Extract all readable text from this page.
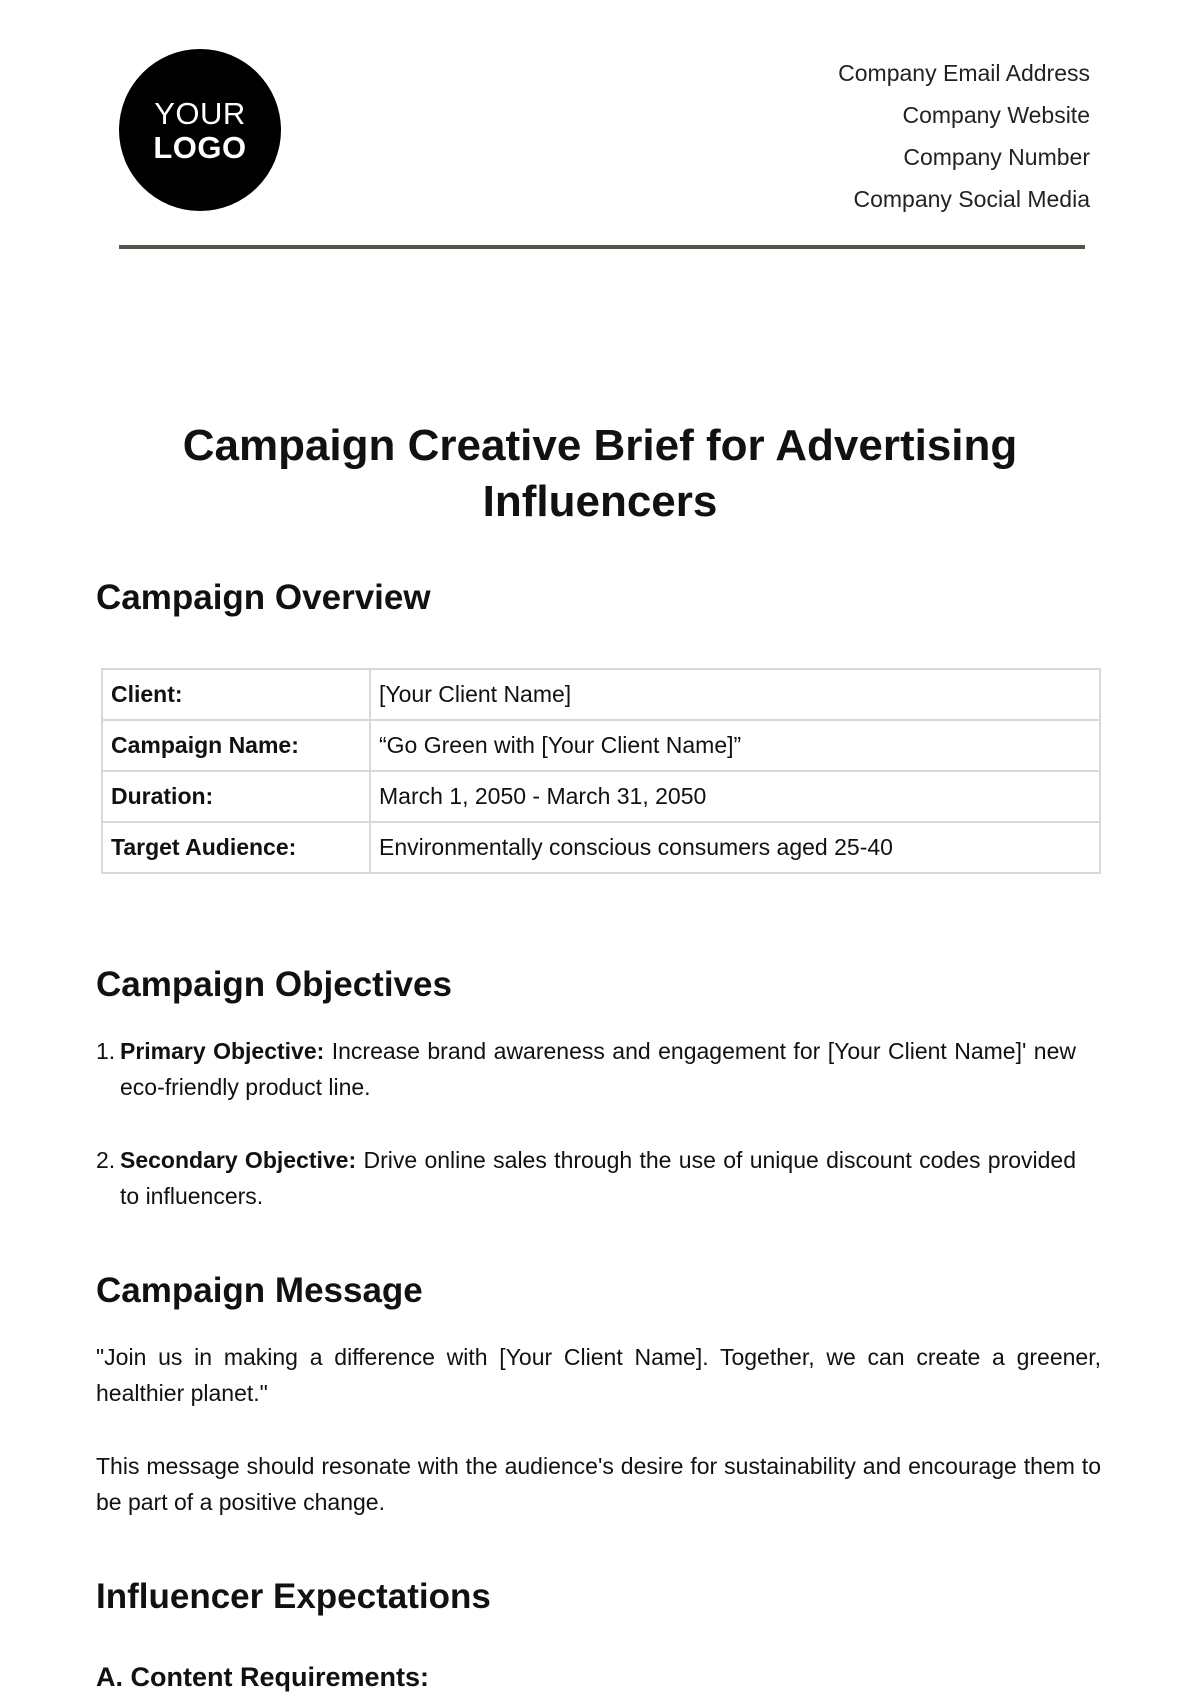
YOUR
LOGO
Company Email Address
Company Website
Company Number
Company Social Media
Campaign Creative Brief for Advertising Influencers
Campaign Overview
Client:	[Your Client Name]
Campaign Name:	“Go Green with [Your Client Name]”
Duration:	March 1, 2050 - March 31, 2050
Target Audience:	Environmentally conscious consumers aged 25-40
Campaign Objectives
1. Primary Objective: Increase brand awareness and engagement for [Your Client Name]' new eco-friendly product line.
2. Secondary Objective: Drive online sales through the use of unique discount codes provided to influencers.
Campaign Message

"Join us in making a difference with [Your Client Name]. Together, we can create a greener, healthier planet."

This message should resonate with the audience's desire for sustainability and encourage them to be part of a positive change.

Influencer Expectations
A. Content Requirements:
